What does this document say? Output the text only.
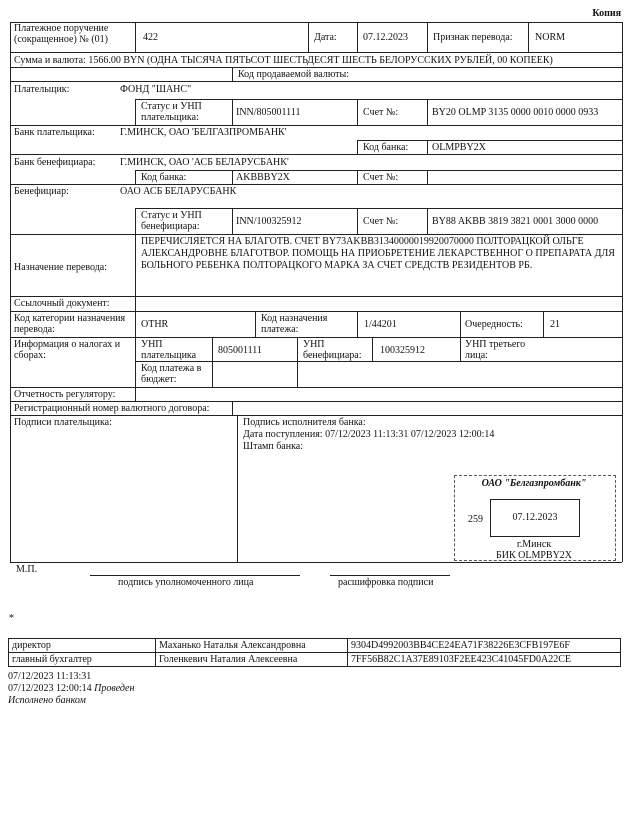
Копия
Платежное поручение (сокращенное) № (01)	422	Дата:	07.12.2023	Признак перевода: NORM
Сумма и валюта: 1566.00 BYN (ОДНА ТЫСЯЧА ПЯТЬСОТ ШЕСТЬДЕСЯТ ШЕСТЬ БЕЛОРУССКИХ РУБЛЕЙ, 00 КОПЕЕК)
Код продаваемой валюты:
Плательщик:	ФОНД "ШАНС"
Статус и УНП плательщика:	INN/805001111	Счет №:	BY20 OLMP 3135 0000 0010 0000 0933
Банк плательщика:	Г.МИНСК, ОАО 'БЕЛГАЗПРОМБАНК'
Код банка: OLMPBY2X
Банк бенефициара: Г.МИНСК, ОАО 'АСБ БЕЛАРУСБАНК'
Код банка:	AKBBBY2X	Счет №:
Бенефициар:	ОАО АСБ БЕЛАРУСБАНК
Статус и УНП бенефициара:	INN/100325912	Счет №:	BY88 AKBB 3819 3821 0001 3000 0000
Назначение перевода:
ПЕРЕЧИСЛЯЕТСЯ НА БЛАГОТВ. СЧЕТ BY73AKBB31340000019920070000 ПОЛТОРАЦКОЙ ОЛЬГЕ АЛЕКСАНДРОВНЕ БЛАГОТВОР. ПОМОЩЬ НА ПРИОБРЕТЕНИЕ ЛЕКАРСТВЕННОГ О ПРЕПАРАТА ДЛЯ БОЛЬНОГО РЕБЕНКА ПОЛТОРАЦКОГО МАРКА ЗА СЧЕТ СРЕДСТВ РЕЗИДЕНТОВ РБ.
Ссылочный документ:
Код категории назначения перевода:	OTHR
Код назначения платежа:	1/44201	Очередность:	21
Информация о налогах и сборах:
УНП плательщика	805001111
УНП бенефициара:	100325912
УНП третьего лица:
Код платежа в бюджет:
Отчетность регулятору:
Регистрационный номер валютного договора:
Подписи плательщика:	Подпись исполнителя банка:
Дата поступления: 07/12/2023 11:13:31 07/12/2023 12:00:14
Штамп банка:
ОАО "Белгазпромбанк"
259	07.12.2023
г.Минск
БИК OLMPBY2X
М.П.
подпись уполномоченного лица	расшифровка подписи
*
директор	Маханько Наталья Александровна	9304D4992003BB4CE24EA71F38226E3CFB197E6F
главный бухгалтер	Голенкевич Наталия Алексеевна	7FF56B82C1A37E89103F2EE423C41045FD0A22CE
07/12/2023 11:13:31
07/12/2023 12:00:14 Проведен
Исполнено банком
